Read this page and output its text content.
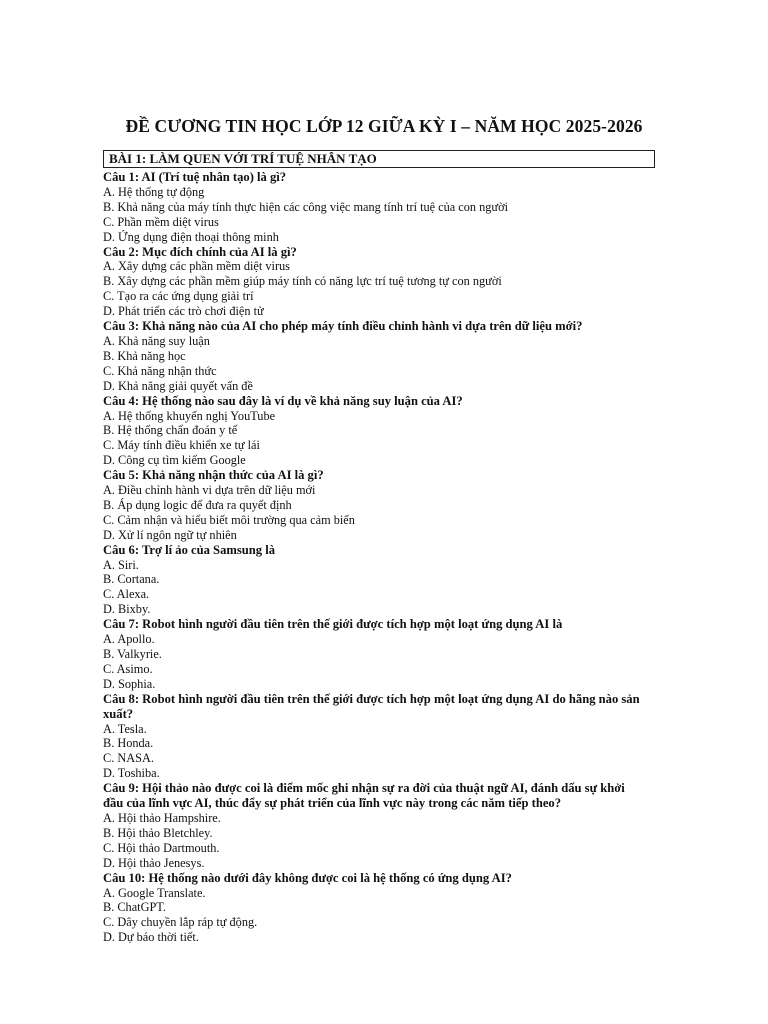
ĐỀ CƯƠNG TIN HỌC LỚP 12 GIỮA KỲ I – NĂM HỌC 2025-2026
BÀI 1: LÀM QUEN VỚI TRÍ TUỆ NHÂN TẠO
Câu 1: AI (Trí tuệ nhân tạo) là gì?
A. Hệ thống tự động
B. Khả năng của máy tính thực hiện các công việc mang tính trí tuệ của con người
C. Phần mềm diệt virus
D. Ứng dụng điện thoại thông minh
Câu 2: Mục đích chính của AI là gì?
A. Xây dựng các phần mềm diệt virus
B. Xây dựng các phần mềm giúp máy tính có năng lực trí tuệ tương tự con người
C. Tạo ra các ứng dụng giải trí
D. Phát triển các trò chơi điện tử
Câu 3: Khả năng nào của AI cho phép máy tính điều chỉnh hành vi dựa trên dữ liệu mới?
A. Khả năng suy luận
B. Khả năng học
C. Khả năng nhận thức
D. Khả năng giải quyết vấn đề
Câu 4: Hệ thống nào sau đây là ví dụ về khả năng suy luận của AI?
A. Hệ thống khuyến nghị YouTube
B. Hệ thống chẩn đoán y tế
C. Máy tính điều khiển xe tự lái
D. Công cụ tìm kiếm Google
Câu 5: Khả năng nhận thức của AI là gì?
A. Điều chỉnh hành vi dựa trên dữ liệu mới
B. Áp dụng logic để đưa ra quyết định
C. Cảm nhận và hiểu biết môi trường qua cảm biến
D. Xử lí ngôn ngữ tự nhiên
Câu 6: Trợ lí ảo của Samsung là
A. Siri.
B. Cortana.
C. Alexa.
D. Bixby.
Câu 7: Robot hình người đầu tiên trên thế giới được tích hợp một loạt ứng dụng AI là
A. Apollo.
B. Valkyrie.
C. Asimo.
D. Sophia.
Câu 8: Robot hình người đầu tiên trên thế giới được tích hợp một loạt ứng dụng AI do hãng nào sản xuất?
A. Tesla.
B. Honda.
C. NASA.
D. Toshiba.
Câu 9: Hội thảo nào được coi là điểm mốc ghi nhận sự ra đời của thuật ngữ AI, đánh dấu sự khởi đầu của lĩnh vực AI, thúc đẩy sự phát triển của lĩnh vực này trong các năm tiếp theo?
A. Hội thảo Hampshire.
B. Hội thảo Bletchley.
C. Hội thảo Dartmouth.
D. Hội thảo Jenesys.
Câu 10: Hệ thống nào dưới đây không được coi là hệ thống có ứng dụng AI?
A. Google Translate.
B. ChatGPT.
C. Dây chuyền lắp ráp tự động.
D. Dự báo thời tiết.
